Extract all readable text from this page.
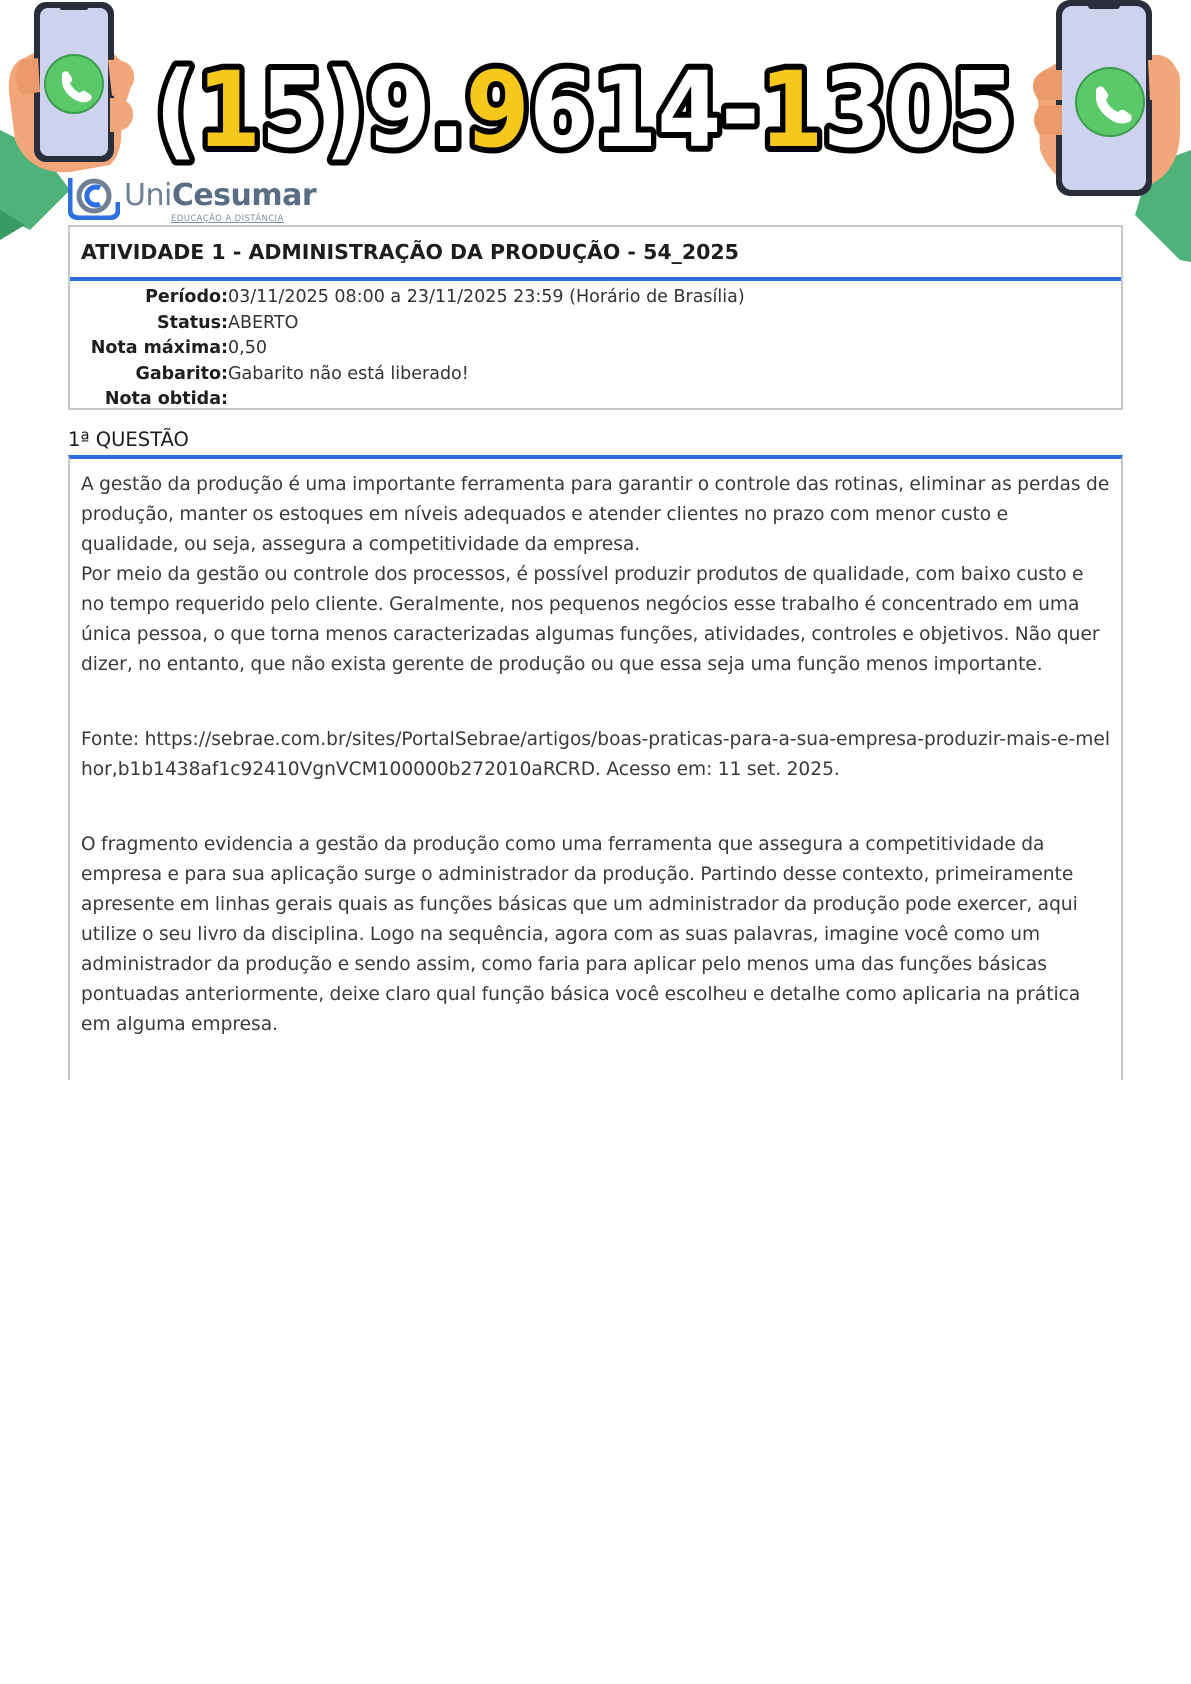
(15)9.9614-1305
UniCesumar
EDUCAÇÃO A DISTÂNCIA
ATIVIDADE 1 - ADMINISTRAÇÃO DA PRODUÇÃO - 54_2025
Período:03/11/2025 08:00 a 23/11/2025 23:59 (Horário de Brasília)
Status:ABERTO
Nota máxima:0,50
Gabarito:Gabarito não está liberado!
Nota obtida:
1ª QUESTÃO

A gestão da produção é uma importante ferramenta para garantir o controle das rotinas, eliminar as perdas de produção, manter os estoques em níveis adequados e atender clientes no prazo com menor custo e qualidade, ou seja, assegura a competitividade da empresa.

Por meio da gestão ou controle dos processos, é possível produzir produtos de qualidade, com baixo custo e no tempo requerido pelo cliente. Geralmente, nos pequenos negócios esse trabalho é concentrado em uma única pessoa, o que torna menos caracterizadas algumas funções, atividades, controles e objetivos. Não quer dizer, no entanto, que não exista gerente de produção ou que essa seja uma função menos importante.

Fonte: https://sebrae.com.br/sites/PortalSebrae/artigos/boas-praticas-para-a-sua-empresa-produzir-mais-e-melhor,b1b1438af1c92410VgnVCM100000b272010aRCRD. Acesso em: 11 set. 2025.

O fragmento evidencia a gestão da produção como uma ferramenta que assegura a competitividade da empresa e para sua aplicação surge o administrador da produção. Partindo desse contexto, primeiramente apresente em linhas gerais quais as funções básicas que um administrador da produção pode exercer, aqui utilize o seu livro da disciplina. Logo na sequência, agora com as suas palavras, imagine você como um administrador da produção e sendo assim, como faria para aplicar pelo menos uma das funções básicas pontuadas anteriormente, deixe claro qual função básica você escolheu e detalhe como aplicaria na prática em alguma empresa.
